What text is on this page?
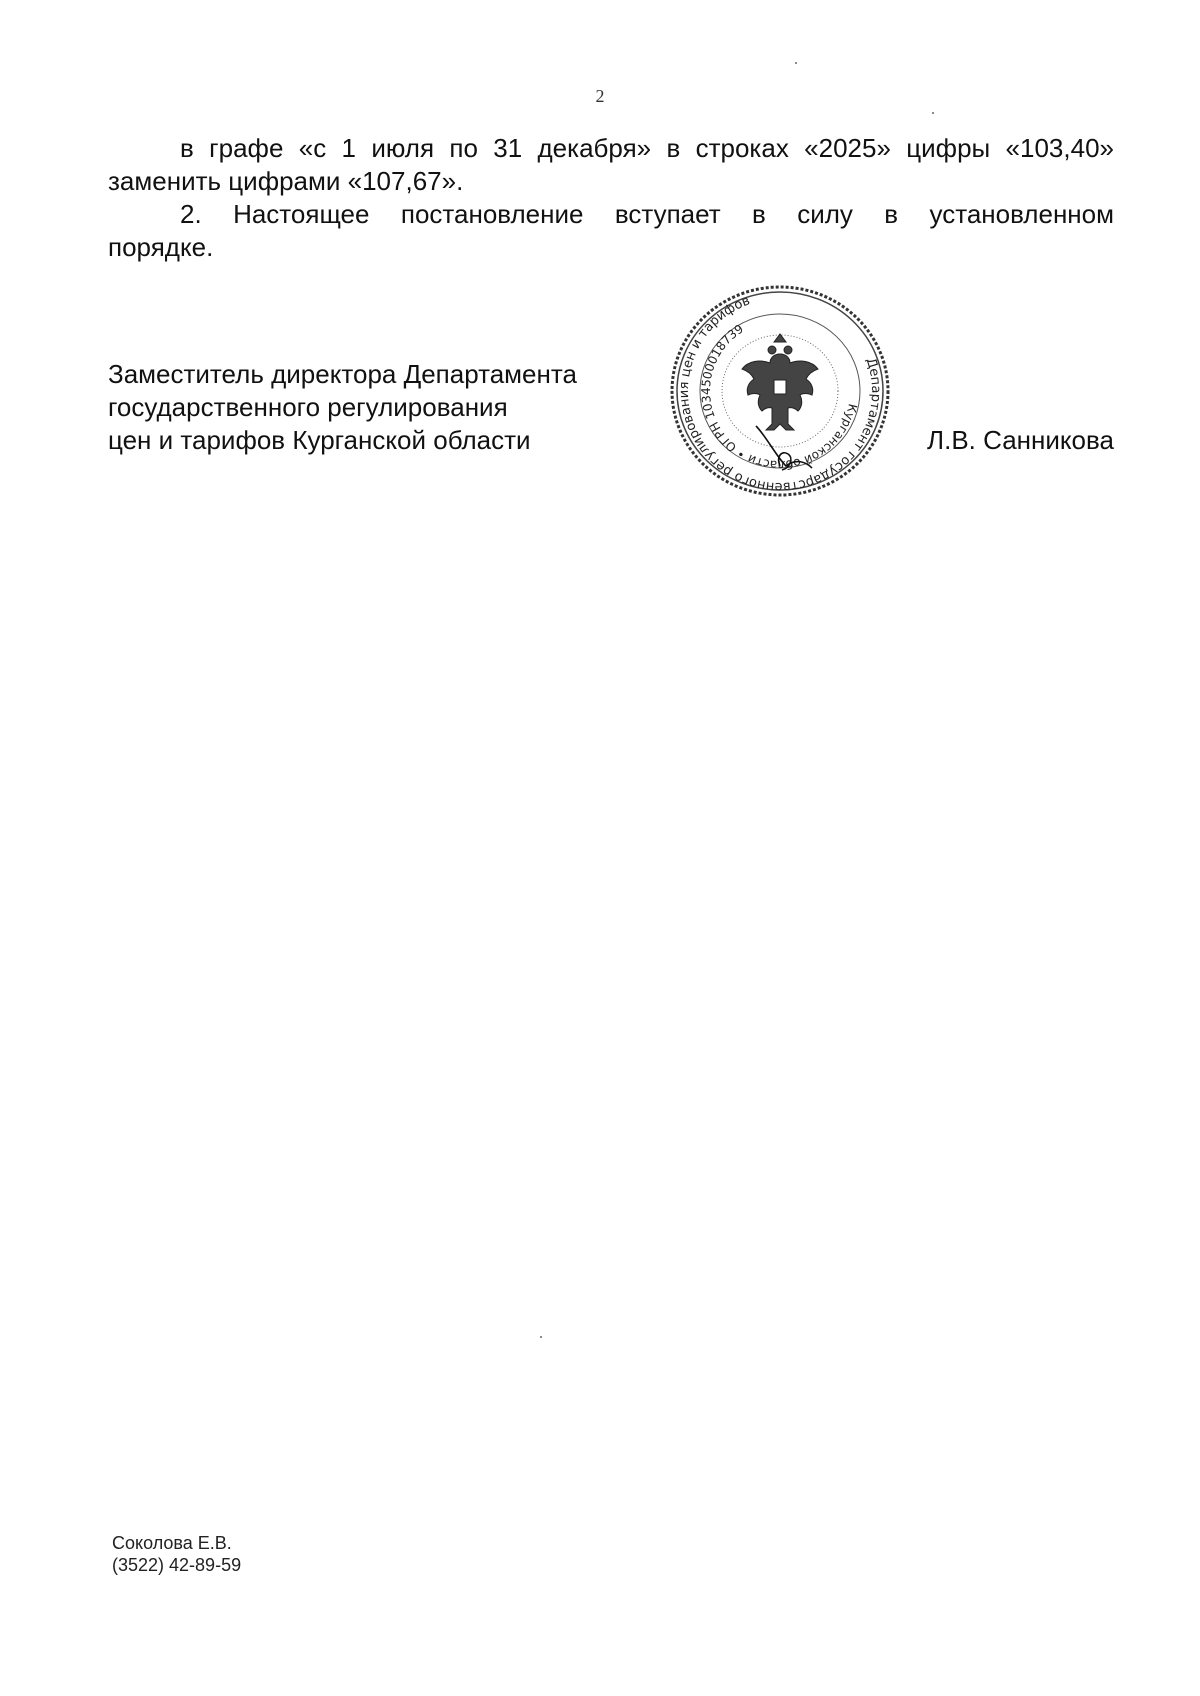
2

в графе «с 1 июля по 31 декабря» в строках «2025» цифры «103,40» заменить цифрами «107,67».

2. Настоящее постановление вступает в силу в установленном

порядке.

Заместитель директора Департамента
государственного регулирования
цен и тарифов Курганской области
Департамент государственного регулирования цен и тарифов
Курганской области • ОГРН 1034500018739
Л.В. Санникова
Соколова Е.В.
(3522) 42-89-59
